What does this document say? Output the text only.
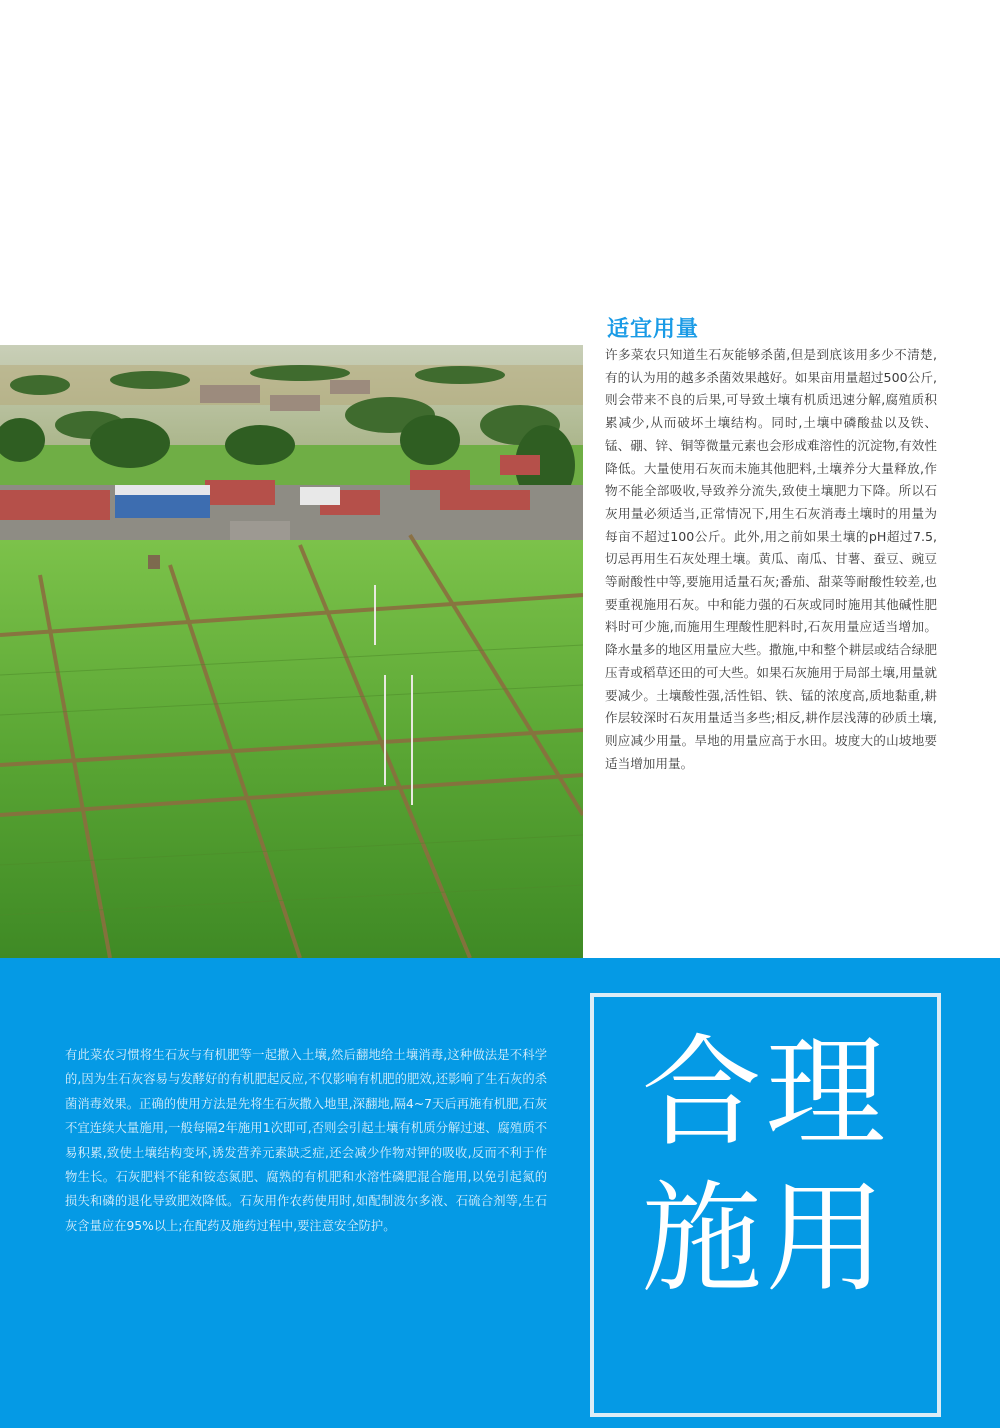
适宜用量

许多菜农只知道生石灰能够杀菌,但是到底该用多少不清楚,有的认为用的越多杀菌效果越好。如果亩用量超过500公斤,则会带来不良的后果,可导致土壤有机质迅速分解,腐殖质积累减少,从而破坏土壤结构。同时,土壤中磷酸盐以及铁、锰、硼、锌、铜等微量元素也会形成难溶性的沉淀物,有效性降低。大量使用石灰而未施其他肥料,土壤养分大量释放,作物不能全部吸收,导致养分流失,致使土壤肥力下降。所以石灰用量必须适当,正常情况下,用生石灰消毒土壤时的用量为每亩不超过100公斤。此外,用之前如果土壤的pH超过7.5,切忌再用生石灰处理土壤。黄瓜、南瓜、甘薯、蚕豆、豌豆等耐酸性中等,要施用适量石灰;番茄、甜菜等耐酸性较差,也要重视施用石灰。中和能力强的石灰或同时施用其他碱性肥料时可少施,而施用生理酸性肥料时,石灰用量应适当增加。降水量多的地区用量应大些。撒施,中和整个耕层或结合绿肥压青或稻草还田的可大些。如果石灰施用于局部土壤,用量就要减少。土壤酸性强,活性铝、铁、锰的浓度高,质地黏重,耕作层较深时石灰用量适当多些;相反,耕作层浅薄的砂质土壤,则应减少用量。旱地的用量应高于水田。坡度大的山坡地要适当增加用量。

有此菜农习惯将生石灰与有机肥等一起撒入土壤,然后翻地给土壤消毒,这种做法是不科学的,因为生石灰容易与发酵好的有机肥起反应,不仅影响有机肥的肥效,还影响了生石灰的杀菌消毒效果。正确的使用方法是先将生石灰撒入地里,深翻地,隔4~7天后再施有机肥,石灰不宜连续大量施用,一般每隔2年施用1次即可,否则会引起土壤有机质分解过速、腐殖质不易积累,致使土壤结构变坏,诱发营养元素缺乏症,还会减少作物对钾的吸收,反而不利于作物生长。石灰肥料不能和铵态氮肥、腐熟的有机肥和水溶性磷肥混合施用,以免引起氮的损失和磷的退化导致肥效降低。石灰用作农药使用时,如配制波尔多液、石硫合剂等,生石灰含量应在95%以上;在配药及施药过程中,要注意安全防护。

合理
施用
